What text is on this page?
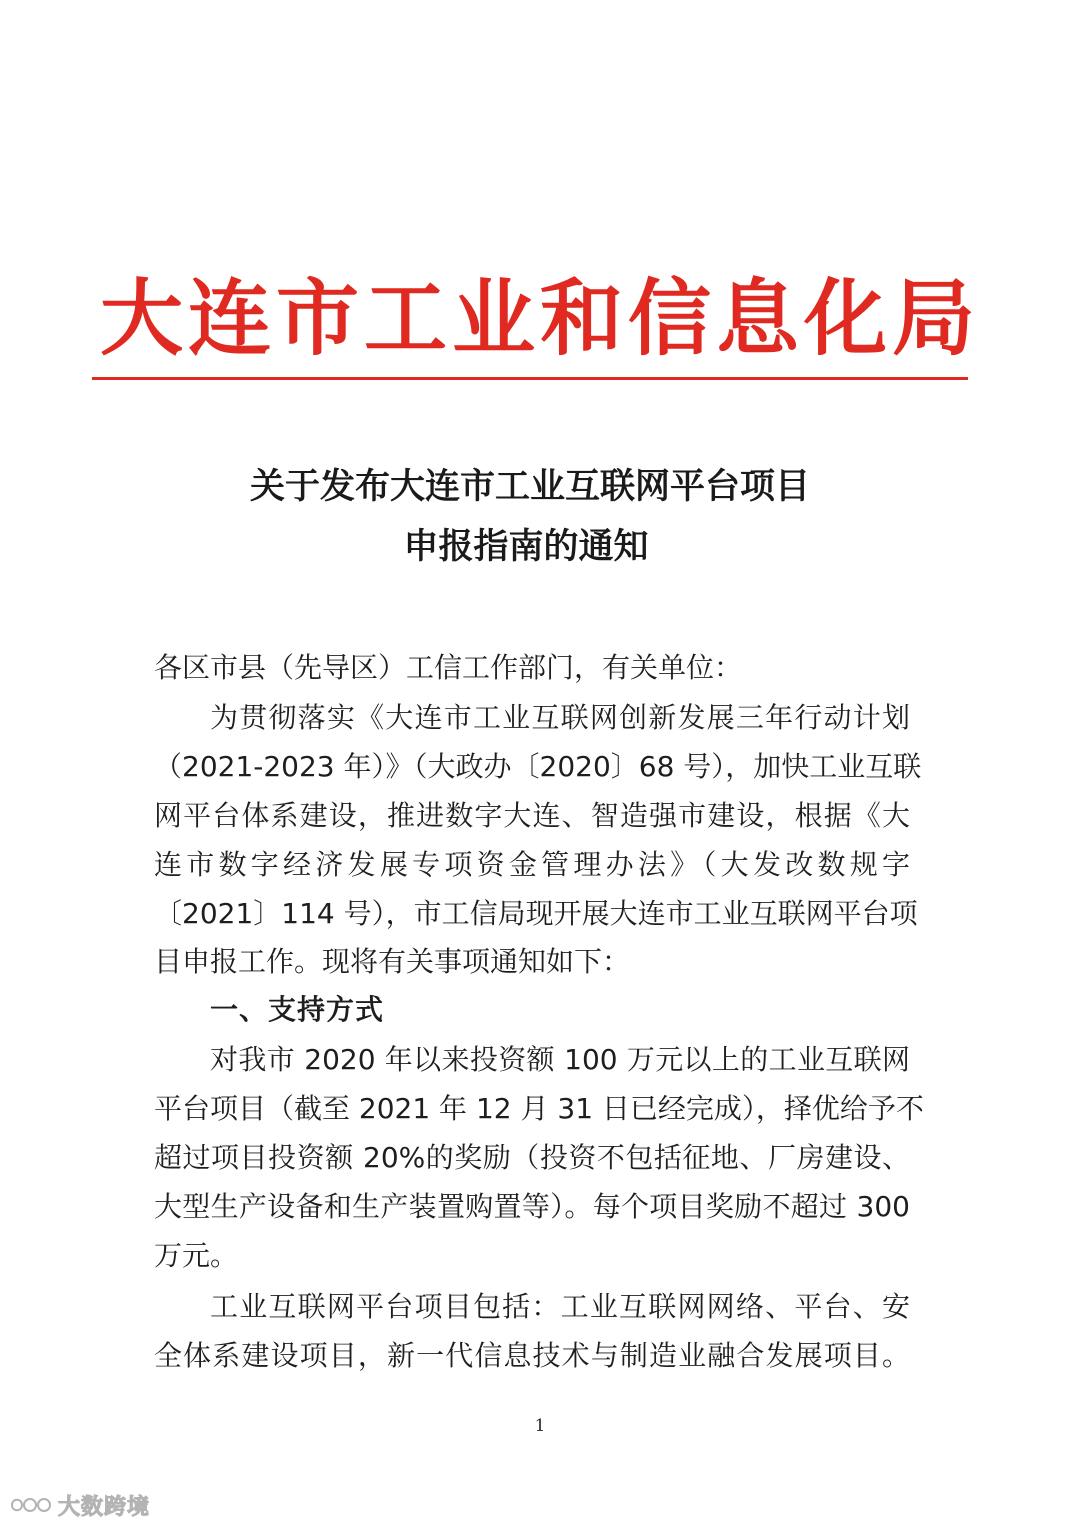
大连市工业和信息化局
关于发布大连市工业互联网平台项目
申报指南的通知
各区市县（先导区）工信工作部门，有关单位：
为贯彻落实《大连市工业互联网创新发展三年行动计划
（2021-2023 年）》（大政办〔2020〕68 号），加快工业互联
网平台体系建设，推进数字大连、智造强市建设，根据《大
连市数字经济发展专项资金管理办法》（大发改数规字
〔2021〕114 号），市工信局现开展大连市工业互联网平台项
目申报工作。现将有关事项通知如下：
一、支持方式
对我市 2020 年以来投资额 100 万元以上的工业互联网
平台项目（截至 2021 年 12 月 31 日已经完成），择优给予不
超过项目投资额 20%的奖励（投资不包括征地、厂房建设、
大型生产设备和生产装置购置等）。每个项目奖励不超过 300
万元。
工业互联网平台项目包括：工业互联网网络、平台、安
全体系建设项目，新一代信息技术与制造业融合发展项目。
1
大数跨境
